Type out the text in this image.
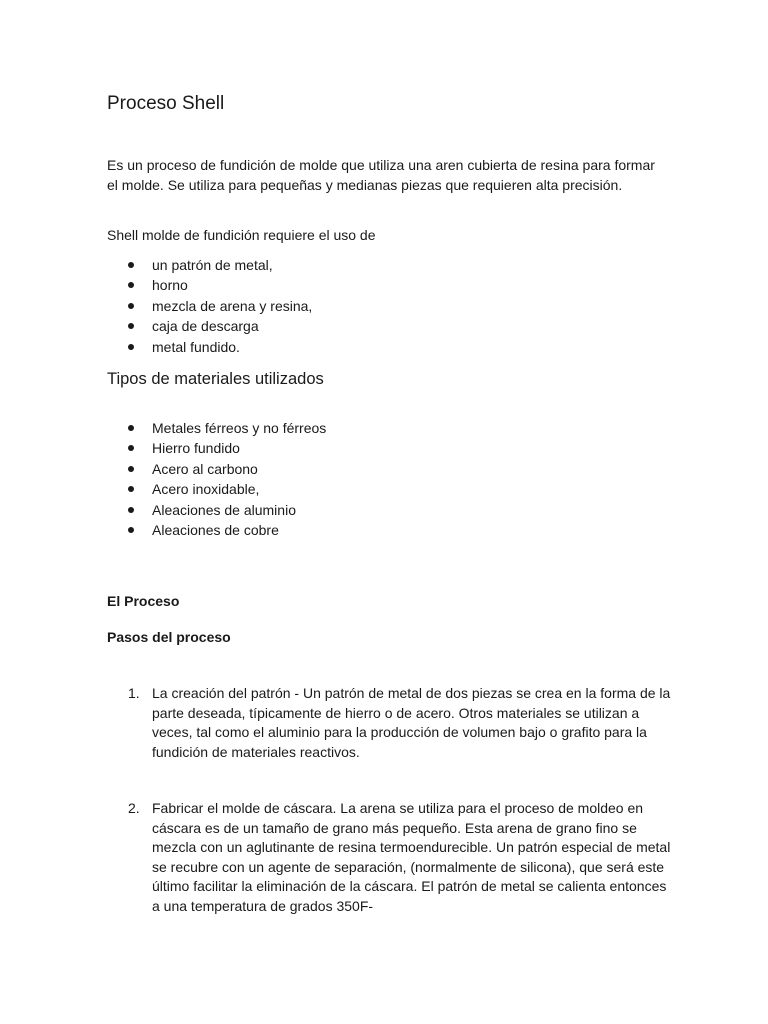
Proceso Shell

Es un proceso de fundición de molde que utiliza una aren cubierta de resina para formar el molde. Se utiliza para pequeñas y medianas piezas que requieren alta precisión.

Shell molde de fundición requiere el uso de

un patrón de metal,
horno
mezcla de arena y resina,
caja de descarga
metal fundido.
Tipos de materiales utilizados
Metales férreos y no férreos
Hierro fundido
Acero al carbono
Acero inoxidable,
Aleaciones de aluminio
Aleaciones de cobre
El Proceso
Pasos del proceso
1. La creación del patrón - Un patrón de metal de dos piezas se crea en la forma de la parte deseada, típicamente de hierro o de acero. Otros materiales se utilizan a veces, tal como el aluminio para la producción de volumen bajo o grafito para la fundición de materiales reactivos.
2. Fabricar el molde de cáscara. La arena se utiliza para el proceso de moldeo en cáscara es de un tamaño de grano más pequeño. Esta arena de grano fino se mezcla con un aglutinante de resina termoendurecible. Un patrón especial de metal se recubre con un agente de separación, (normalmente de silicona), que será este último facilitar la eliminación de la cáscara. El patrón de metal se calienta entonces a una temperatura de grados 350F-
